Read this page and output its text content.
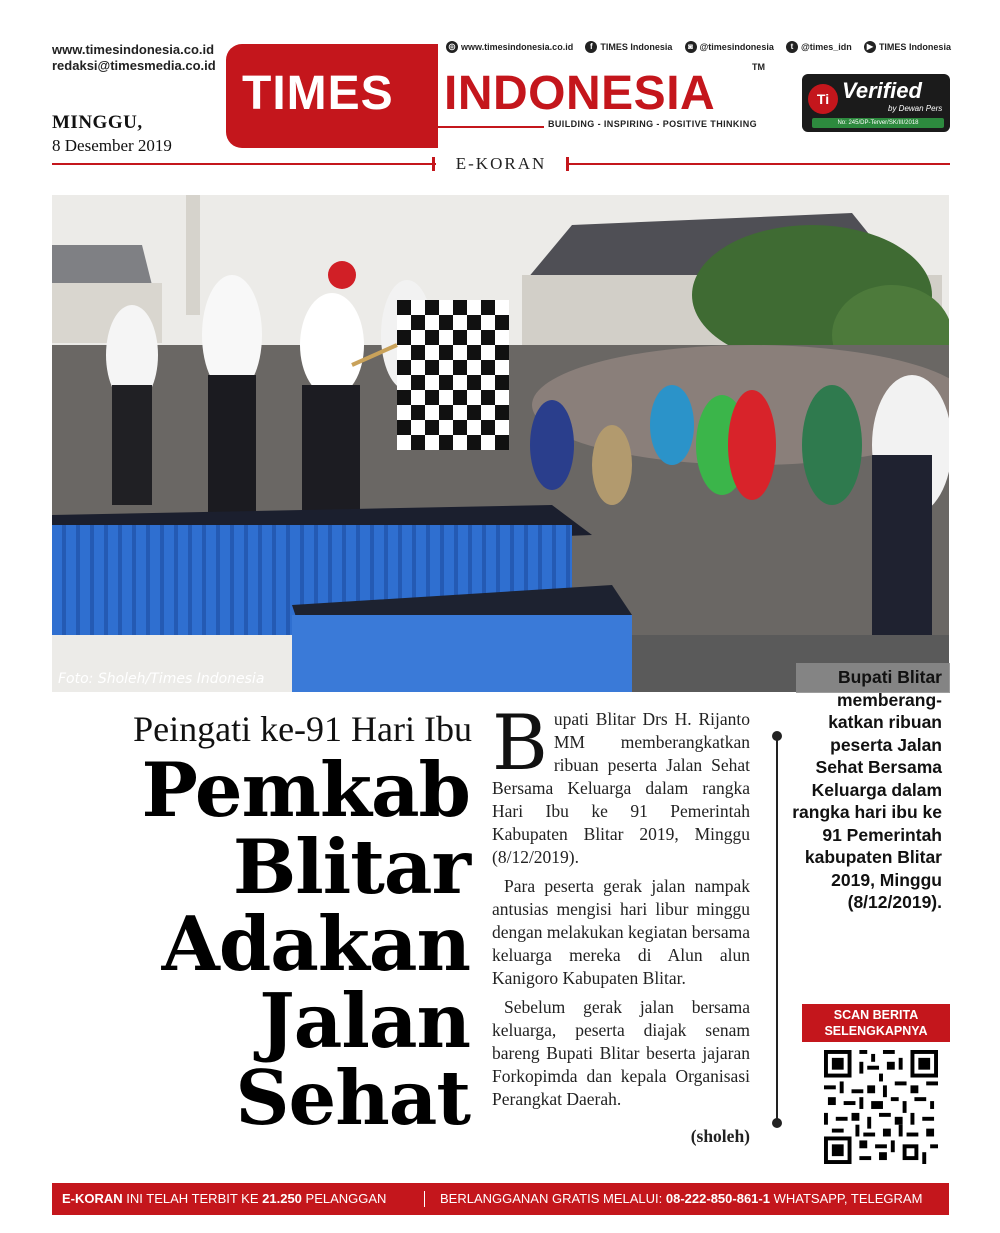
www.timesindonesia.co.id
redaksi@timesmedia.co.id
MINGGU,
8 Desember 2019
TIMES INDONESIA	TM
BUILDING - INSPIRING - POSITIVE THINKING
◎ www.timesindonesia.co.id	f TIMES Indonesia	◙ @timesindonesia	t @times_idn	▶ TIMES Indonesia
Ti Verified
by Dewan Pers
No: 245/DP-Terver/SK/III/2018
E-KORAN
Foto: Sholeh/Times Indonesia
Peingati ke-91 Hari Ibu
Pemkab Blitar Adakan Jalan Sehat

Bupati Blitar Drs H. Rijanto MM memberangkatkan ribuan peserta Jalan Sehat Bersama Keluarga dalam rangka Hari Ibu ke 91 Pemerintah Kabupaten Blitar 2019, Minggu (8/12/2019).

Para peserta gerak jalan nampak antusias mengisi hari libur minggu dengan melakukan kegiatan bersama keluarga mereka di Alun alun Kanigoro Kabupaten Blitar.

Sebelum gerak jalan bersama keluarga, peserta diajak senam bareng Bupati Blitar beserta jajaran Forkopimda dan kepala Organisasi Perangkat Daerah.

(sholeh)
Bupati Blitar memberang-katkan ribuan peserta Jalan Sehat Bersama Keluarga dalam rangka hari ibu ke 91 Pemerintah kabupaten Blitar 2019, Minggu (8/12/2019).
SCAN BERITA
SELENGKAPNYA
E-KORAN INI TELAH TERBIT KE 21.250 PELANGGAN	BERLANGGANAN GRATIS MELALUI: 08-222-850-861-1 WHATSAPP, TELEGRAM
